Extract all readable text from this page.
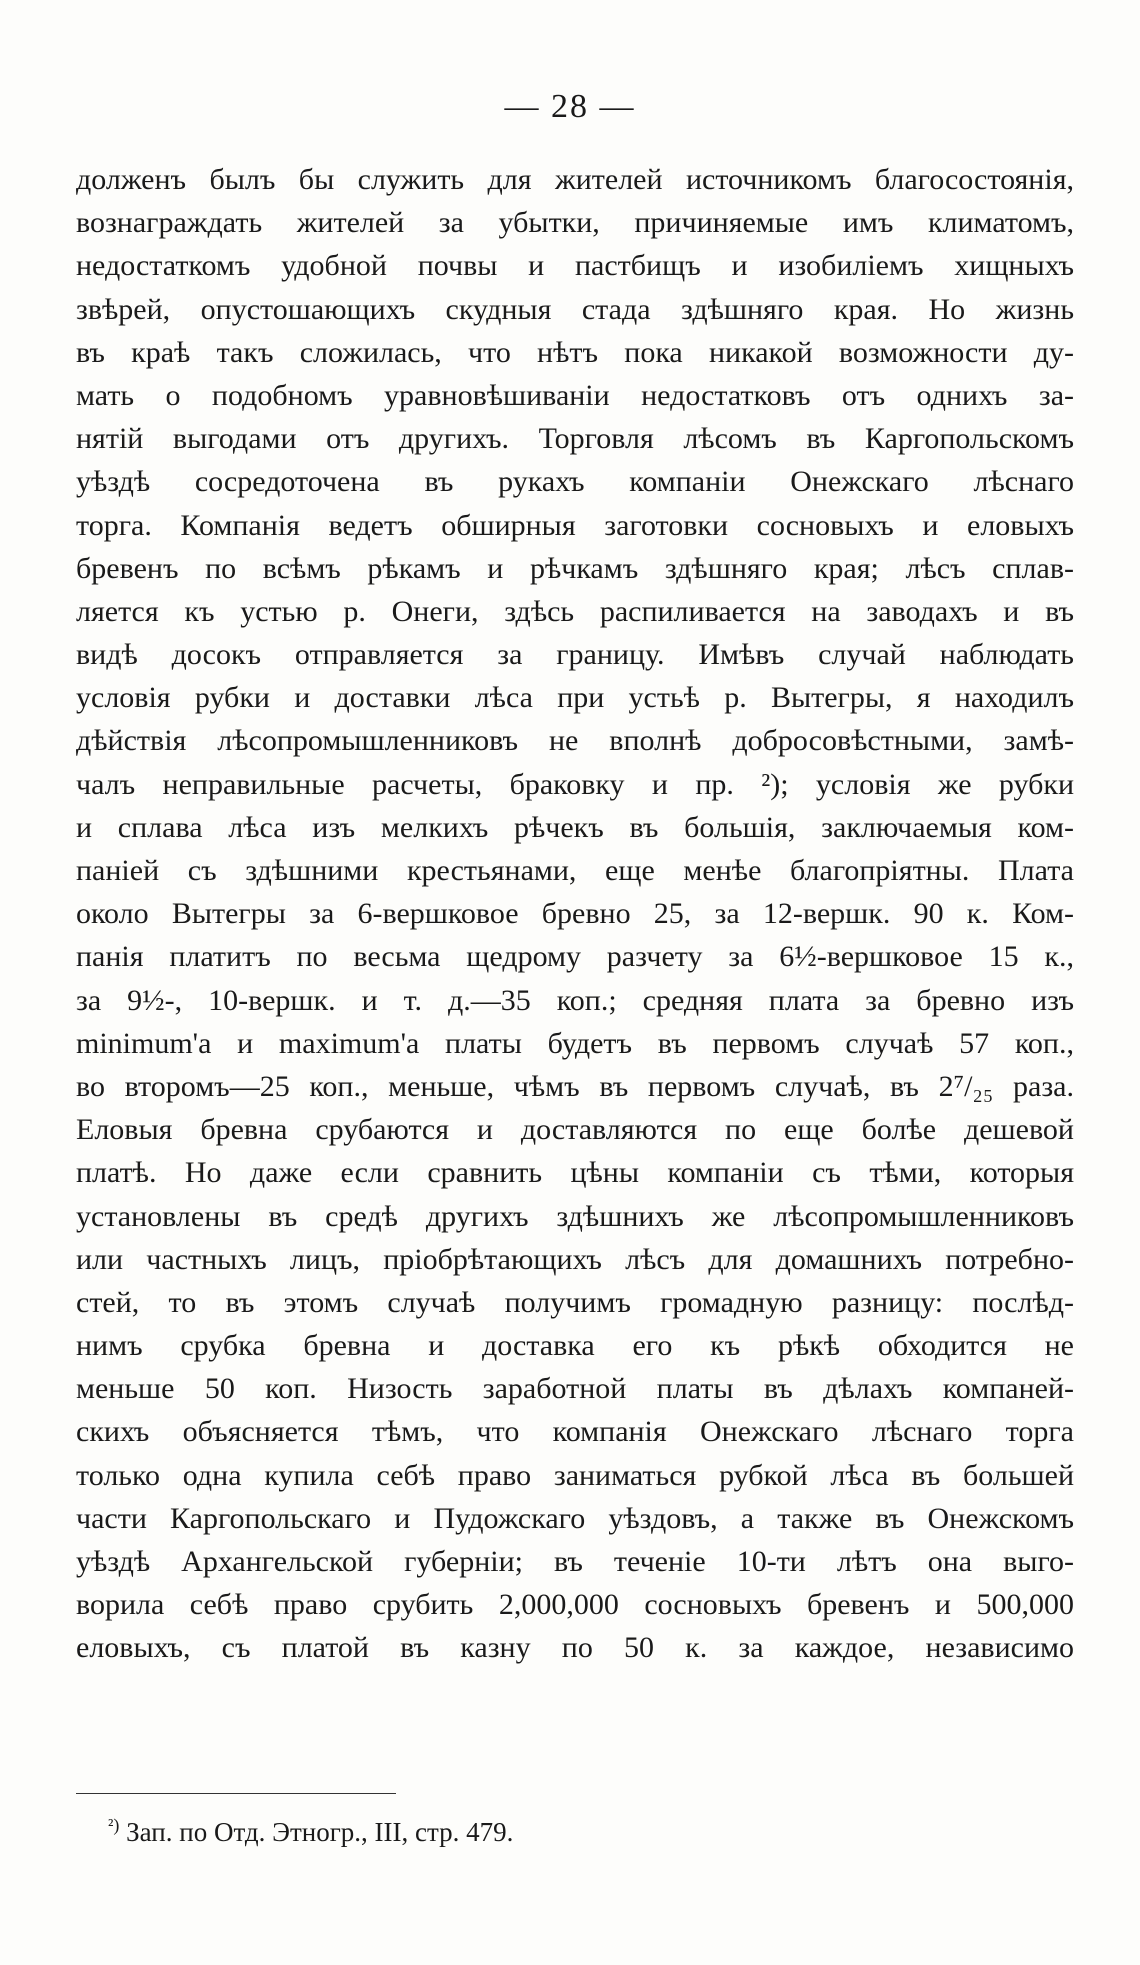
— 28 —
долженъ былъ бы служить для жителей источникомъ благосостоянія,
вознаграждать жителей за убытки, причиняемые имъ климатомъ,
недостаткомъ удобной почвы и пастбищъ и изобиліемъ хищныхъ
звѣрей, опустошающихъ скудныя стада здѣшняго края. Но жизнь
въ краѣ такъ сложилась, что нѣтъ пока никакой возможности ду-
мать о подобномъ уравновѣшиваніи недостатковъ отъ однихъ за-
нятій выгодами отъ другихъ. Торговля лѣсомъ въ Каргопольскомъ
уѣздѣ сосредоточена въ рукахъ компаніи Онежскаго лѣснаго
торга. Компанія ведетъ обширныя заготовки сосновыхъ и еловыхъ
бревенъ по всѣмъ рѣкамъ и рѣчкамъ здѣшняго края; лѣсъ сплав-
ляется къ устью р. Онеги, здѣсь распиливается на заводахъ и въ
видѣ досокъ отправляется за границу. Имѣвъ случай наблюдать
условія рубки и доставки лѣса при устьѣ р. Вытегры, я находилъ
дѣйствія лѣсопромышленниковъ не вполнѣ добросовѣстными, замѣ-
чалъ неправильные расчеты, браковку и пр. ²); условія же рубки
и сплава лѣса изъ мелкихъ рѣчекъ въ большія, заключаемыя ком-
паніей съ здѣшними крестьянами, еще менѣе благопріятны. Плата
около Вытегры за 6-вершковое бревно 25, за 12-вершк. 90 к. Ком-
панія платитъ по весьма щедрому разчету за 6½-вершковое 15 к.,
за 9½-, 10-вершк. и т. д.—35 коп.; средняя плата за бревно изъ
minimum'а и maximum'а платы будетъ въ первомъ случаѣ 57 коп.,
во второмъ—25 коп., меньше, чѣмъ въ первомъ случаѣ, въ 2⁷/₂₅ раза.
Еловыя бревна срубаются и доставляются по еще болѣе дешевой
платѣ. Но даже если сравнить цѣны компаніи съ тѣми, которыя
установлены въ средѣ другихъ здѣшнихъ же лѣсопромышленниковъ
или частныхъ лицъ, пріобрѣтающихъ лѣсъ для домашнихъ потребно-
стей, то въ этомъ случаѣ получимъ громадную разницу: послѣд-
нимъ срубка бревна и доставка его къ рѣкѣ обходится не
меньше 50 коп. Низость заработной платы въ дѣлахъ компаней-
скихъ объясняется тѣмъ, что компанія Онежскаго лѣснаго торга
только одна купила себѣ право заниматься рубкой лѣса въ большей
части Каргопольскаго и Пудожскаго уѣздовъ, а также въ Онежскомъ
уѣздѣ Архангельской губерніи; въ теченіе 10-ти лѣтъ она выго-
ворила себѣ право срубить 2,000,000 сосновыхъ бревенъ и 500,000
еловыхъ, съ платой въ казну по 50 к. за каждое, независимо
$^{^2)}$ Зап. по Отд. Этногр., III, стр. 479.
